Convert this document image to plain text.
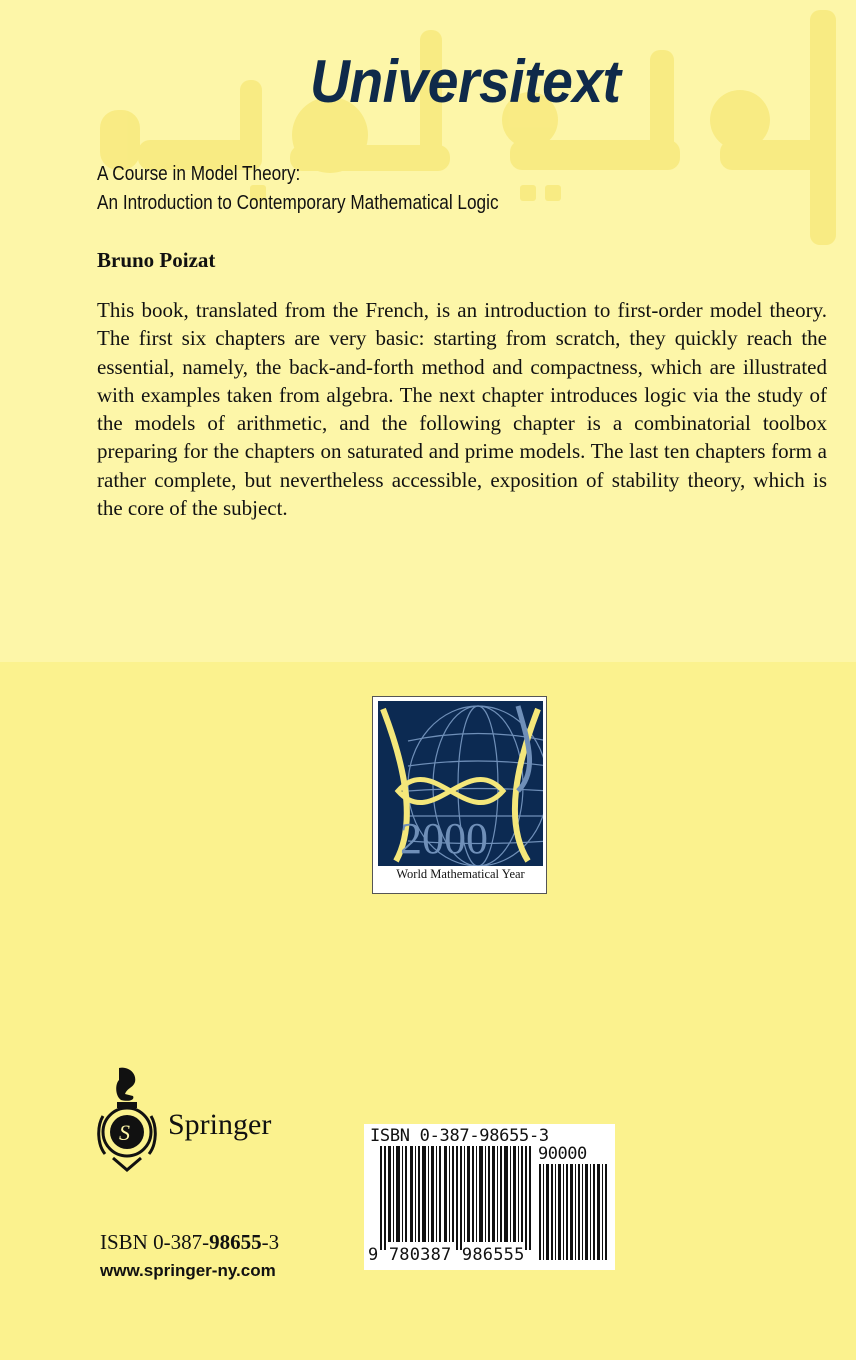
Universitext
A Course in Model Theory:
An Introduction to Contemporary Mathematical Logic
Bruno Poizat
This book, translated from the French, is an introduction to first-order model theory. The first six chapters are very basic: starting from scratch, they quickly reach the essential, namely, the back-and-forth method and compactness, which are illustrated with examples taken from algebra. The next chapter introduces logic via the study of the models of arithmetic, and the following chapter is a combinatorial toolbox preparing for the chapters on saturated and prime models. The last ten chapters form a rather complete, but nevertheless accessible, exposition of stability theory, which is the core of the subject.
2000
World Mathematical Year
S Springer
ISBN 0-387-98655-3
www.springer-ny.com
ISBN 0-387-98655-3
90000
9 780387 986555
